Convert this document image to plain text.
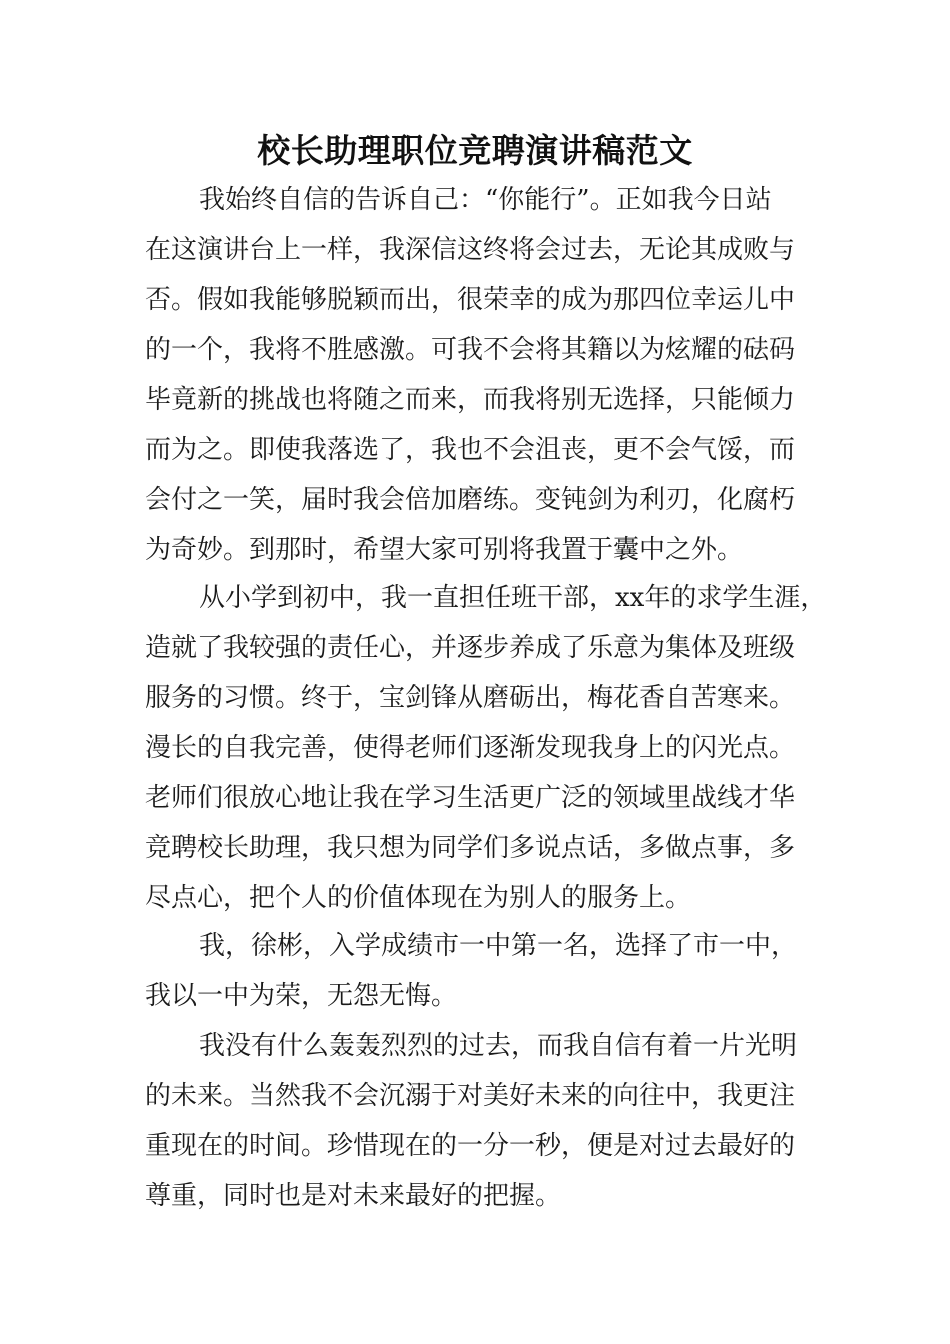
校长助理职位竞聘演讲稿范文
我始终自信的告诉自己：“你能行”。正如我今日站
在这演讲台上一样，我深信这终将会过去，无论其成败与
否。假如我能够脱颖而出，很荣幸的成为那四位幸运儿中
的一个，我将不胜感激。可我不会将其籍以为炫耀的砝码
毕竟新的挑战也将随之而来，而我将别无选择，只能倾力
而为之。即使我落选了，我也不会沮丧，更不会气馁，而
会付之一笑，届时我会倍加磨练。变钝剑为利刃，化腐朽
为奇妙。到那时，希望大家可别将我置于囊中之外。
从小学到初中，我一直担任班干部，xx年的求学生涯，
造就了我较强的责任心，并逐步养成了乐意为集体及班级
服务的习惯。终于，宝剑锋从磨砺出，梅花香自苦寒来。
漫长的自我完善，使得老师们逐渐发现我身上的闪光点。
老师们很放心地让我在学习生活更广泛的领域里战线才华
竞聘校长助理，我只想为同学们多说点话，多做点事，多
尽点心，把个人的价值体现在为别人的服务上。
我，徐彬，入学成绩市一中第一名，选择了市一中，
我以一中为荣，无怨无悔。
我没有什么轰轰烈烈的过去，而我自信有着一片光明
的未来。当然我不会沉溺于对美好未来的向往中，我更注
重现在的时间。珍惜现在的一分一秒，便是对过去最好的
尊重，同时也是对未来最好的把握。
